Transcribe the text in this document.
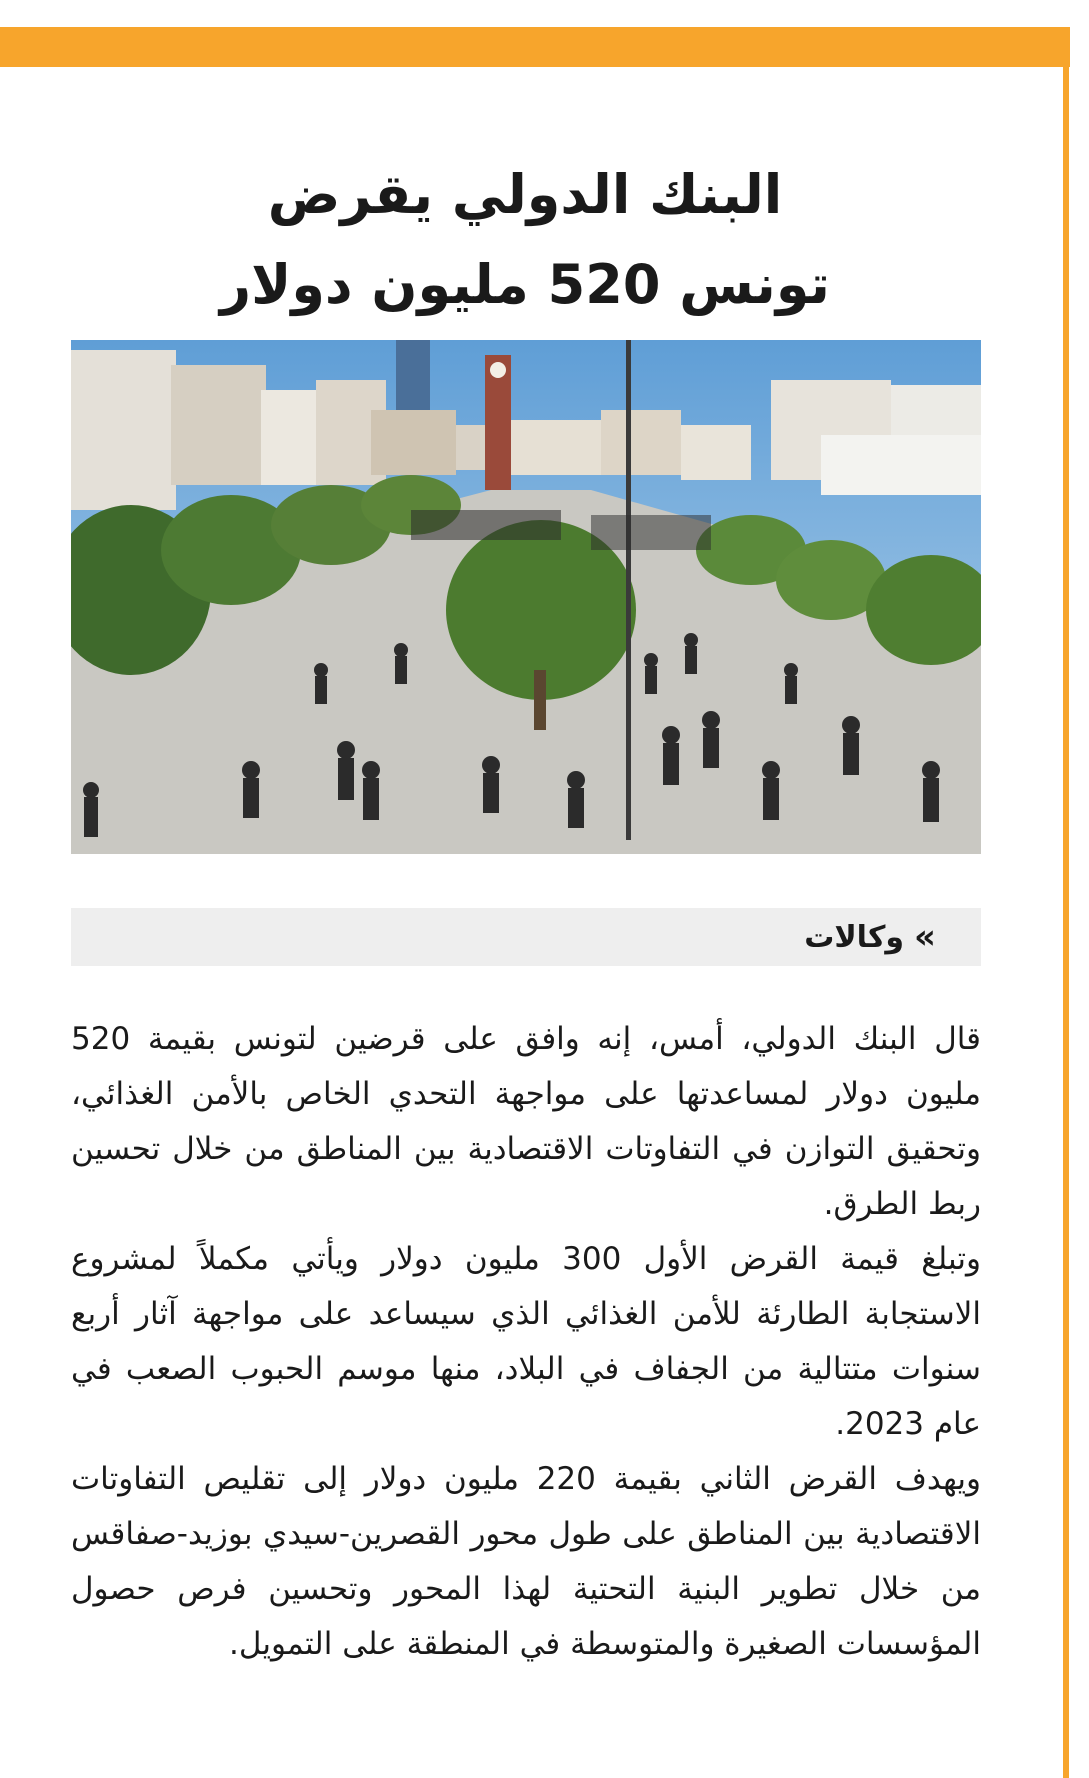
البنك الدولي يقرض
تونس 520 مليون دولار
»
وكالات

قال البنك الدولي، أمس، إنه وافق على قرضين لتونس بقيمة 520 مليون دولار لمساعدتها على مواجهة التحدي الخاص بالأمن الغذائي، وتحقيق التوازن في التفاوتات الاقتصادية بين المناطق من خلال تحسين ربط الطرق.

وتبلغ قيمة القرض الأول 300 مليون دولار ويأتي مكملاً لمشروع الاستجابة الطارئة للأمن الغذائي الذي سيساعد على مواجهة آثار أربع سنوات متتالية من الجفاف في البلاد، منها موسم الحبوب الصعب في عام 2023.

ويهدف القرض الثاني بقيمة 220 مليون دولار إلى تقليص التفاوتات الاقتصادية بين المناطق على طول محور القصرين-سيدي بوزيد-صفاقس من خلال تطوير البنية التحتية لهذا المحور وتحسين فرص حصول المؤسسات الصغيرة والمتوسطة في المنطقة على التمويل.
